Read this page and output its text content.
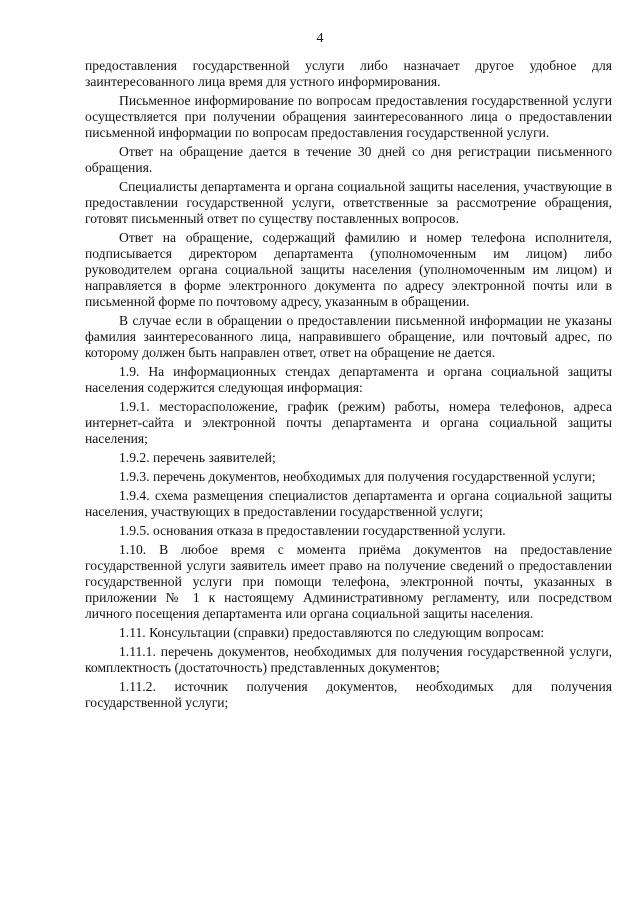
4

предоставления государственной услуги либо назначает другое удобное для заинтересованного лица время для устного информирования.

Письменное информирование по вопросам предоставления государственной услуги осуществляется при получении обращения заинтересованного лица о предоставлении письменной информации по вопросам предоставления государственной услуги.

Ответ на обращение дается в течение 30 дней со дня регистрации письменного обращения.

Специалисты департамента и органа социальной защиты населения, участвующие в предоставлении государственной услуги, ответственные за рассмотрение обращения, готовят письменный ответ по существу поставленных вопросов.

Ответ на обращение, содержащий фамилию и номер телефона исполнителя, подписывается директором департамента (уполномоченным им лицом) либо руководителем органа социальной защиты населения (уполномоченным им лицом) и направляется в форме электронного документа по адресу электронной почты или в письменной форме по почтовому адресу, указанным в обращении.

В случае если в обращении о предоставлении письменной информации не указаны фамилия заинтересованного лица, направившего обращение, или почтовый адрес, по которому должен быть направлен ответ, ответ на обращение не дается.

1.9. На информационных стендах департамента и органа социальной защиты населения содержится следующая информация:

1.9.1. месторасположение, график (режим) работы, номера телефонов, адреса интернет-сайта и электронной почты департамента и органа социальной защиты населения;

1.9.2. перечень заявителей;

1.9.3. перечень документов, необходимых для получения государственной услуги;

1.9.4. схема размещения специалистов департамента и органа социальной защиты населения, участвующих в предоставлении государственной услуги;

1.9.5. основания отказа в предоставлении государственной услуги.

1.10. В любое время с момента приёма документов на предоставление государственной услуги заявитель имеет право на получение сведений о предоставлении государственной услуги при помощи телефона, электронной почты, указанных в приложении № 1 к настоящему Административному регламенту, или посредством личного посещения департамента или органа социальной защиты населения.

1.11. Консультации (справки) предоставляются по следующим вопросам:

1.11.1. перечень документов, необходимых для получения государственной услуги, комплектность (достаточность) представленных документов;

1.11.2. источник получения документов, необходимых для получения государственной услуги;
